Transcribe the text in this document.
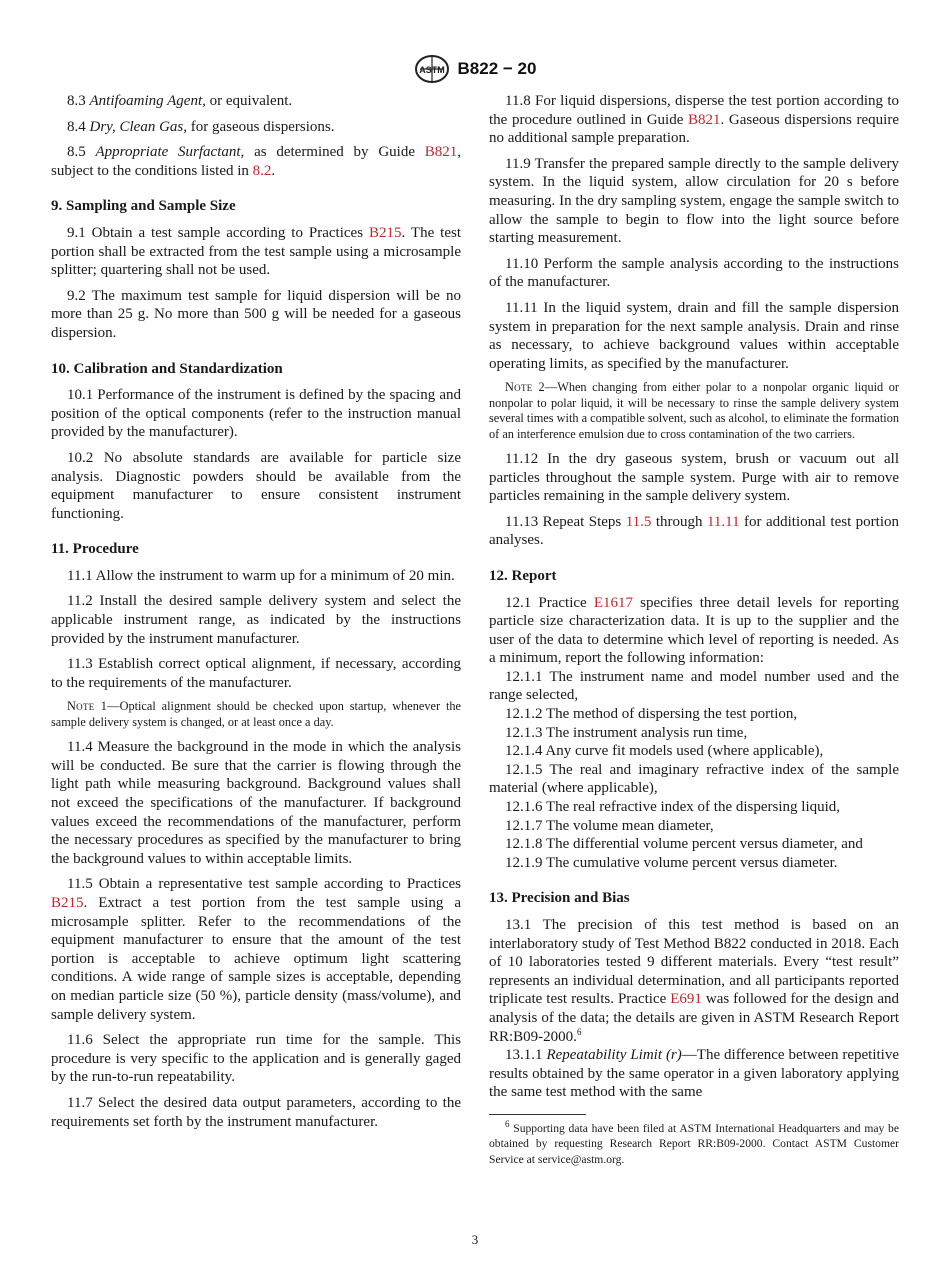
ASTM B822 − 20

8.3 Antifoaming Agent, or equivalent.

8.4 Dry, Clean Gas, for gaseous dispersions.

8.5 Appropriate Surfactant, as determined by Guide B821, subject to the conditions listed in 8.2.

9. Sampling and Sample Size

9.1 Obtain a test sample according to Practices B215. The test portion shall be extracted from the test sample using a microsample splitter; quartering shall not be used.

9.2 The maximum test sample for liquid dispersion will be no more than 25 g. No more than 500 g will be needed for a gaseous dispersion.

10. Calibration and Standardization

10.1 Performance of the instrument is defined by the spacing and position of the optical components (refer to the instruction manual provided by the manufacturer).

10.2 No absolute standards are available for particle size analysis. Diagnostic powders should be available from the equipment manufacturer to ensure consistent instrument functioning.

11. Procedure

11.1 Allow the instrument to warm up for a minimum of 20 min.

11.2 Install the desired sample delivery system and select the applicable instrument range, as indicated by the instructions provided by the instrument manufacturer.

11.3 Establish correct optical alignment, if necessary, according to the requirements of the manufacturer.

Note 1—Optical alignment should be checked upon startup, whenever the sample delivery system is changed, or at least once a day.

11.4 Measure the background in the mode in which the analysis will be conducted. Be sure that the carrier is flowing through the light path while measuring background. Background values shall not exceed the specifications of the manufacturer. If background values exceed the recommendations of the manufacturer, perform the necessary procedures as specified by the manufacturer to bring the background values to within acceptable limits.

11.5 Obtain a representative test sample according to Practices B215. Extract a test portion from the test sample using a microsample splitter. Refer to the recommendations of the equipment manufacturer to ensure that the amount of the test portion is acceptable to achieve optimum light scattering conditions. A wide range of sample sizes is acceptable, depending on median particle size (50 %), particle density (mass/volume), and sample delivery system.

11.6 Select the appropriate run time for the sample. This procedure is very specific to the application and is generally gaged by the run-to-run repeatability.

11.7 Select the desired data output parameters, according to the requirements set forth by the instrument manufacturer.

11.8 For liquid dispersions, disperse the test portion according to the procedure outlined in Guide B821. Gaseous dispersions require no additional sample preparation.

11.9 Transfer the prepared sample directly to the sample delivery system. In the liquid system, allow circulation for 20 s before measuring. In the dry sampling system, engage the sample switch to allow the sample to begin to flow into the light source before starting measurement.

11.10 Perform the sample analysis according to the instructions of the manufacturer.

11.11 In the liquid system, drain and fill the sample dispersion system in preparation for the next sample analysis. Drain and rinse as necessary, to achieve background values within acceptable operating limits, as specified by the manufacturer.

Note 2—When changing from either polar to a nonpolar organic liquid or nonpolar to polar liquid, it will be necessary to rinse the sample delivery system several times with a compatible solvent, such as alcohol, to eliminate the formation of an interference emulsion due to cross contamination of the two carriers.

11.12 In the dry gaseous system, brush or vacuum out all particles throughout the sample system. Purge with air to remove particles remaining in the sample delivery system.

11.13 Repeat Steps 11.5 through 11.11 for additional test portion analyses.

12. Report

12.1 Practice E1617 specifies three detail levels for reporting particle size characterization data. It is up to the supplier and the user of the data to determine which level of reporting is needed. As a minimum, report the following information:

12.1.1 The instrument name and model number used and the range selected,

12.1.2 The method of dispersing the test portion,

12.1.3 The instrument analysis run time,

12.1.4 Any curve fit models used (where applicable),

12.1.5 The real and imaginary refractive index of the sample material (where applicable),

12.1.6 The real refractive index of the dispersing liquid,

12.1.7 The volume mean diameter,

12.1.8 The differential volume percent versus diameter, and

12.1.9 The cumulative volume percent versus diameter.

13. Precision and Bias

13.1 The precision of this test method is based on an interlaboratory study of Test Method B822 conducted in 2018. Each of 10 laboratories tested 9 different materials. Every “test result” represents an individual determination, and all participants reported triplicate test results. Practice E691 was followed for the design and analysis of the data; the details are given in ASTM Research Report RR:B09-2000.$^6$

13.1.1 Repeatability Limit (r)—The difference between repetitive results obtained by the same operator in a given laboratory applying the same test method with the same

$^6$ Supporting data have been filed at ASTM International Headquarters and may be obtained by requesting Research Report RR:B09-2000. Contact ASTM Customer Service at service@astm.org.

3
